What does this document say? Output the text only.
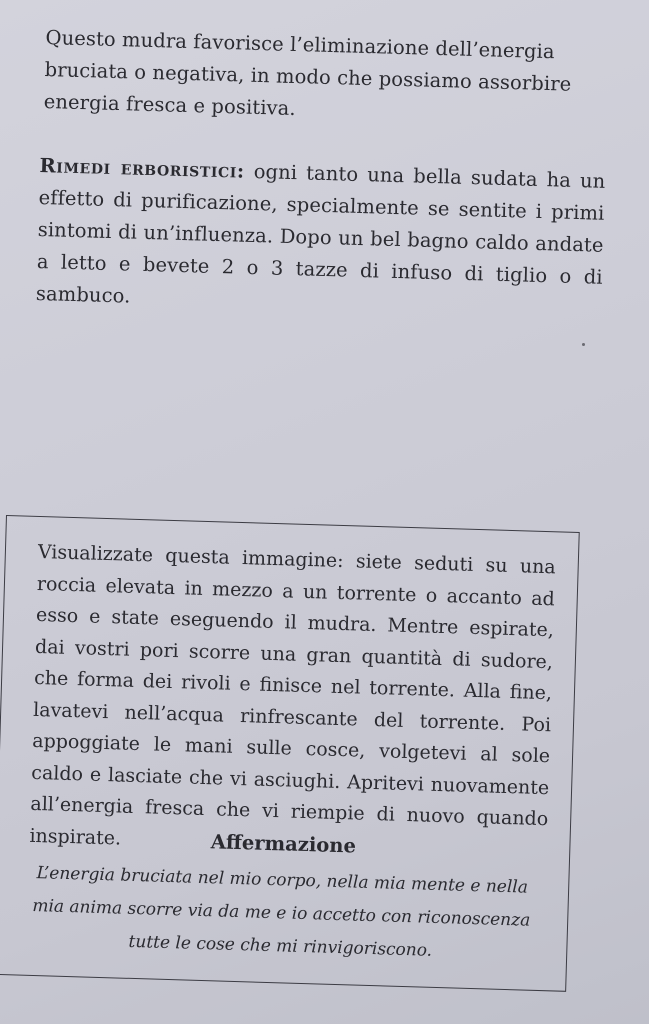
Questo mudra favorisce l’eliminazione dell’energia bruciata o negativa, in modo che possiamo assorbire energia fresca e positiva.

Rimedi erboristici: ogni tanto una bella sudata ha un effetto di purificazione, specialmente se sentite i primi sintomi di un’influenza. Dopo un bel bagno caldo andate a letto e bevete 2 o 3 tazze di infuso di tiglio o di sambuco.

Visualizzate questa immagine: siete seduti su una roccia elevata in mezzo a un torrente o accanto ad esso e state eseguendo il mudra. Mentre espirate, dai vostri pori scorre una gran quantità di sudore, che forma dei rivoli e finisce nel torrente. Alla fine, lavatevi nell’acqua rinfrescante del torrente. Poi appoggiate le mani sulle cosce, volgetevi al sole caldo e lasciate che vi asciughi. Apritevi nuovamente all’energia fresca che vi riempie di nuovo quando inspirate.	Affermazione

L’energia bruciata nel mio corpo, nella mia mente e nella mia anima scorre via da me e io accetto con riconoscenza tutte le cose che mi rinvigoriscono.
